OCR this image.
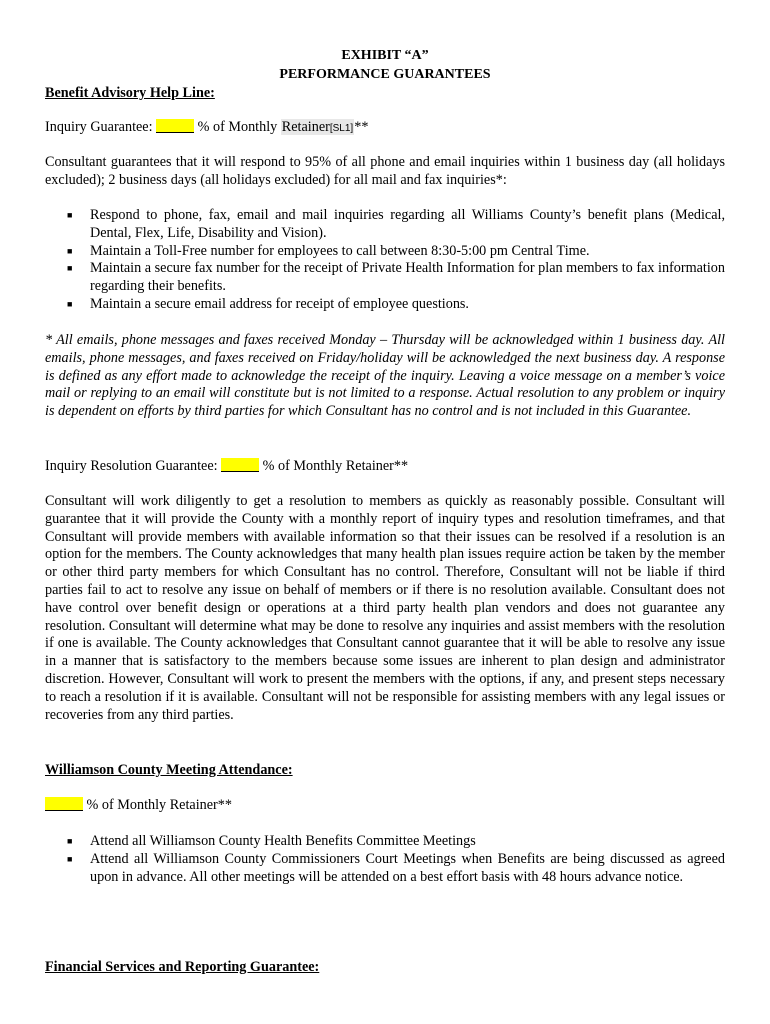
EXHIBIT “A”
PERFORMANCE GUARANTEES
Benefit Advisory Help Line:
Inquiry Guarantee:	% of Monthly Retainer[SL1]**
Consultant guarantees that it will respond to 95% of all phone and email inquiries within 1 business day (all holidays excluded); 2 business days (all holidays excluded) for all mail and fax inquiries*:
■ Respond to phone, fax, email and mail inquiries regarding all Williams County’s benefit plans (Medical, Dental, Flex, Life, Disability and Vision).
■ Maintain a Toll-Free number for employees to call between 8:30-5:00 pm Central Time.
■ Maintain a secure fax number for the receipt of Private Health Information for plan members to fax information regarding their benefits.
■ Maintain a secure email address for receipt of employee questions.
* All emails, phone messages and faxes received Monday – Thursday will be acknowledged within 1 business day. All emails, phone messages, and faxes received on Friday/holiday will be acknowledged the next business day. A response is defined as any effort made to acknowledge the receipt of the inquiry. Leaving a voice message on a member’s voice mail or replying to an email will constitute but is not limited to a response. Actual resolution to any problem or inquiry is dependent on efforts by third parties for which Consultant has no control and is not included in this Guarantee.
Inquiry Resolution Guarantee:	% of Monthly Retainer**
Consultant will work diligently to get a resolution to members as quickly as reasonably possible. Consultant will guarantee that it will provide the County with a monthly report of inquiry types and resolution timeframes, and that Consultant will provide members with available information so that their issues can be resolved if a resolution is an option for the members. The County acknowledges that many health plan issues require action be taken by the member or other third party members for which Consultant has no control. Therefore, Consultant will not be liable if third parties fail to act to resolve any issue on behalf of members or if there is no resolution available. Consultant does not have control over benefit design or operations at a third party health plan vendors and does not guarantee any resolution. Consultant will determine what may be done to resolve any inquiries and assist members with the resolution if one is available. The County acknowledges that Consultant cannot guarantee that it will be able to resolve any issue in a manner that is satisfactory to the members because some issues are inherent to plan design and administrator discretion. However, Consultant will work to present the members with the options, if any, and present steps necessary to reach a resolution if it is available. Consultant will not be responsible for assisting members with any legal issues or recoveries from any third parties.
Williamson County Meeting Attendance:
% of Monthly Retainer**
■ Attend all Williamson County Health Benefits Committee Meetings
■ Attend all Williamson County Commissioners Court Meetings when Benefits are being discussed as agreed upon in advance. All other meetings will be attended on a best effort basis with 48 hours advance notice.
Financial Services and Reporting Guarantee:
